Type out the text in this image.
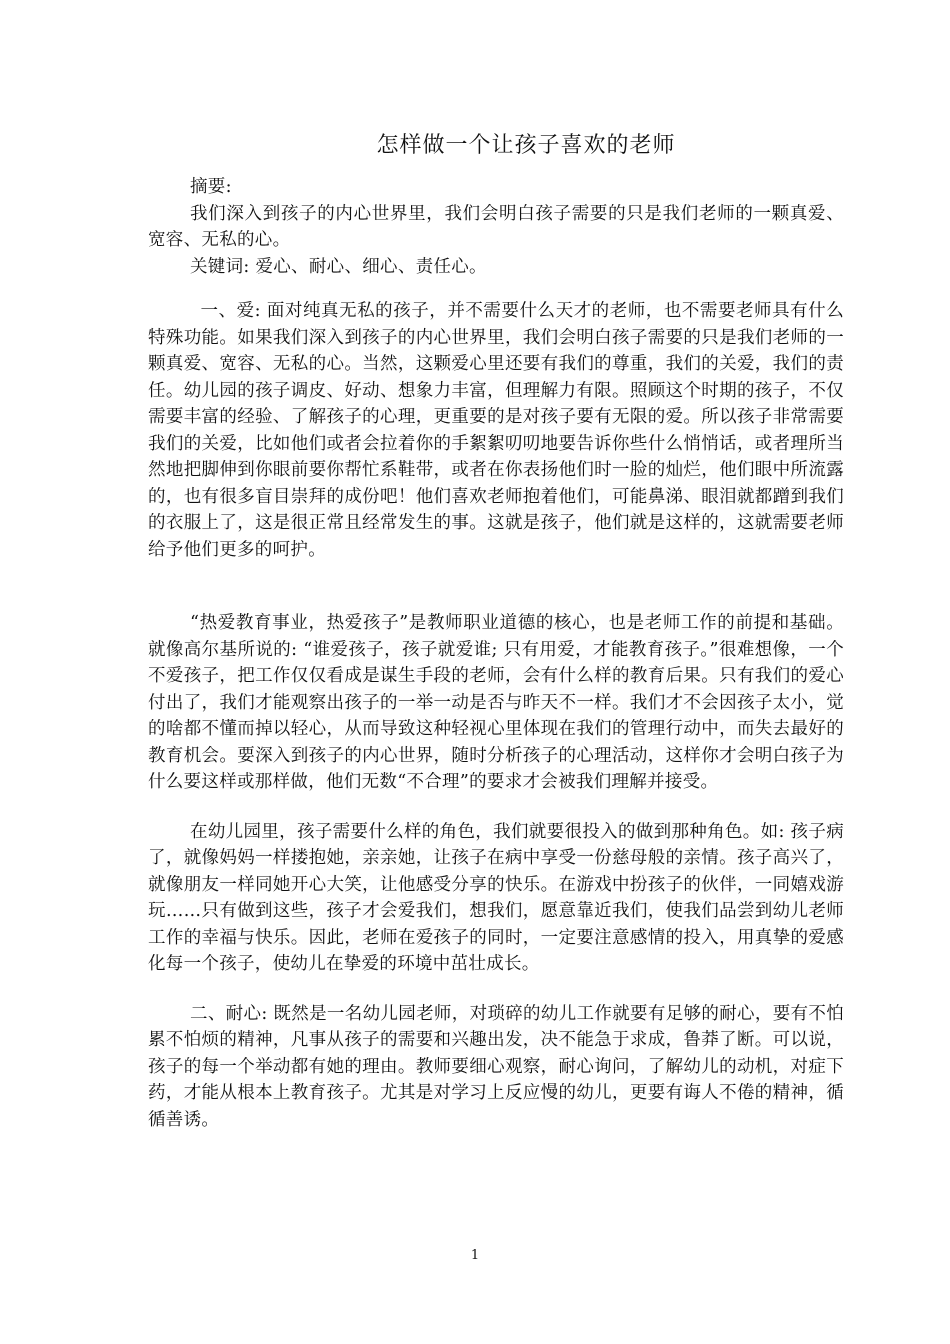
怎样做一个让孩子喜欢的老师

摘要:

我们深入到孩子的内心世界里，我们会明白孩子需要的只是我们老师的一颗真爱、宽容、无私的心。

关键词: 爱心、耐心、细心、责任心。

一、爱: 面对纯真无私的孩子，并不需要什么天才的老师，也不需要老师具有什么特殊功能。如果我们深入到孩子的内心世界里，我们会明白孩子需要的只是我们老师的一颗真爱、宽容、无私的心。当然，这颗爱心里还要有我们的尊重，我们的关爱，我们的责任。幼儿园的孩子调皮、好动、想象力丰富，但理解力有限。照顾这个时期的孩子，不仅需要丰富的经验、了解孩子的心理，更重要的是对孩子要有无限的爱。所以孩子非常需要我们的关爱，比如他们或者会拉着你的手絮絮叨叨地要告诉你些什么悄悄话，或者理所当然地把脚伸到你眼前要你帮忙系鞋带，或者在你表扬他们时一脸的灿烂，他们眼中所流露的，也有很多盲目崇拜的成份吧！他们喜欢老师抱着他们，可能鼻涕、眼泪就都蹭到我们的衣服上了，这是很正常且经常发生的事。这就是孩子，他们就是这样的，这就需要老师给予他们更多的呵护。

“热爱教育事业，热爱孩子”是教师职业道德的核心，也是老师工作的前提和基础。就像高尔基所说的: “谁爱孩子，孩子就爱谁; 只有用爱，才能教育孩子。”很难想像，一个不爱孩子，把工作仅仅看成是谋生手段的老师，会有什么样的教育后果。只有我们的爱心付出了，我们才能观察出孩子的一举一动是否与昨天不一样。我们才不会因孩子太小，觉的啥都不懂而掉以轻心，从而导致这种轻视心里体现在我们的管理行动中，而失去最好的教育机会。要深入到孩子的内心世界，随时分析孩子的心理活动，这样你才会明白孩子为什么要这样或那样做，他们无数“不合理”的要求才会被我们理解并接受。

在幼儿园里，孩子需要什么样的角色，我们就要很投入的做到那种角色。如: 孩子病了，就像妈妈一样搂抱她，亲亲她，让孩子在病中享受一份慈母般的亲情。孩子高兴了，就像朋友一样同她开心大笑，让他感受分享的快乐。在游戏中扮孩子的伙伴，一同嬉戏游玩……只有做到这些，孩子才会爱我们，想我们，愿意靠近我们，使我们品尝到幼儿老师工作的幸福与快乐。因此，老师在爱孩子的同时，一定要注意感情的投入，用真挚的爱感化每一个孩子，使幼儿在挚爱的环境中茁壮成长。

二、耐心: 既然是一名幼儿园老师，对琐碎的幼儿工作就要有足够的耐心，要有不怕累不怕烦的精神，凡事从孩子的需要和兴趣出发，决不能急于求成，鲁莽了断。可以说，孩子的每一个举动都有她的理由。教师要细心观察，耐心询问，了解幼儿的动机，对症下药，才能从根本上教育孩子。尤其是对学习上反应慢的幼儿，更要有诲人不倦的精神，循循善诱。

1
